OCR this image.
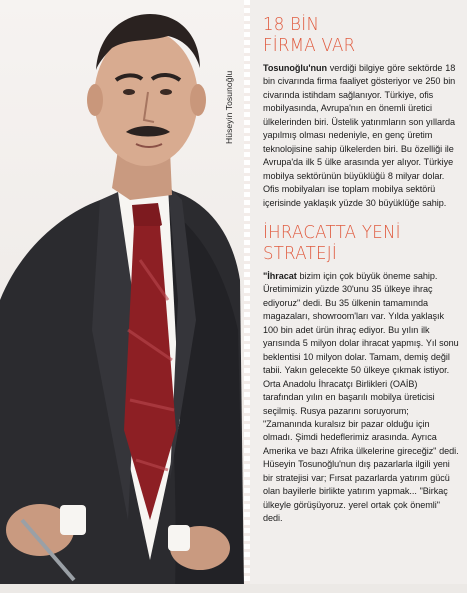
Hüseyin Tosunoğlu
18 BİN
FİRMA VAR

Tosunoğlu'nun verdiği bilgiye göre sektörde 18 bin civarında firma faaliyet gösteriyor ve 250 bin civarında istihdam sağlanıyor. Türkiye, ofis mobilyasında, Avrupa'nın en önemli üretici ülkelerinden biri. Üstelik yatırımların son yıllarda yapılmış olması nedeniyle, en genç üretim teknolojisine sahip ülkelerden biri. Bu özelliği ile Avrupa'da ilk 5 ülke arasında yer alıyor. Türkiye mobilya sektörünün büyüklüğü 8 milyar dolar. Ofis mobilyaları ise toplam mobilya sektörü içerisinde yaklaşık yüzde 30 büyüklüğe sahip.

İHRACATTA YENİ
STRATEJİ

"İhracat bizim için çok büyük öneme sahip. Üretimimizin yüzde 30'unu 35 ülkeye ihraç ediyoruz" dedi. Bu 35 ülkenin tamamında magazaları, showroom'ları var. Yılda yaklaşık 100 bin adet ürün ihraç ediyor. Bu yılın ilk yarısında 5 milyon dolar ihracat yapmış. Yıl sonu beklentisi 10 milyon dolar. Tamam, demiş değil tabii. Yakın gelecekte 50 ülkeye çıkmak istiyor. Orta Anadolu İhracatçı Birlikleri (OAİB) tarafından yılın en başarılı mobilya üreticisi seçilmiş. Rusya pazarını soruyorum; "Zamanında kuralsız bir pazar olduğu için olmadı. Şimdi hedeflerimiz arasında. Ayrıca Amerika ve bazı Afrika ülkelerine gireceğiz" dedi. Hüseyin Tosunoğlu'nun dış pazarlarla ilgili yeni bir stratejisi var; Fırsat pazarlarda yatırım gücü olan bayilerle birlikte yatırım yapmak... "Birkaç ülkeyle görüşüyoruz. yerel ortak çok önemli" dedi.
